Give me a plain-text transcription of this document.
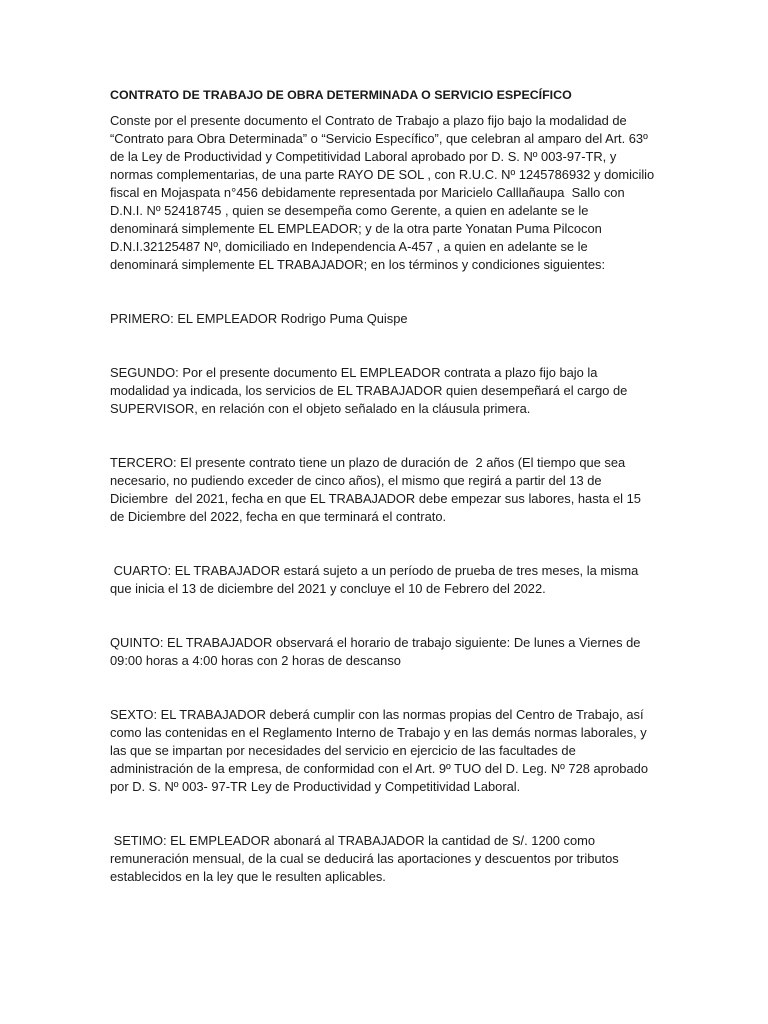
CONTRATO DE TRABAJO DE OBRA DETERMINADA O SERVICIO ESPECÍFICO

Conste por el presente documento el Contrato de Trabajo a plazo fijo bajo la modalidad de “Contrato para Obra Determinada” o “Servicio Específico”, que celebran al amparo del Art. 63º de la Ley de Productividad y Competitividad Laboral aprobado por D. S. Nº 003-97-TR, y normas complementarias, de una parte RAYO DE SOL , con R.U.C. Nº 1245786932 y domicilio fiscal en Mojaspata n°456 debidamente representada por Maricielo Calllañaupa  Sallo con D.N.I. Nº 52418745 , quien se desempeña como Gerente, a quien en adelante se le denominará simplemente EL EMPLEADOR; y de la otra parte Yonatan Puma Pilcocon D.N.I.32125487 Nº, domiciliado en Independencia A-457 , a quien en adelante se le denominará simplemente EL TRABAJADOR; en los términos y condiciones siguientes:

PRIMERO: EL EMPLEADOR Rodrigo Puma Quispe

SEGUNDO: Por el presente documento EL EMPLEADOR contrata a plazo fijo bajo la modalidad ya indicada, los servicios de EL TRABAJADOR quien desempeñará el cargo de SUPERVISOR, en relación con el objeto señalado en la cláusula primera.

TERCERO: El presente contrato tiene un plazo de duración de  2 años (El tiempo que sea necesario, no pudiendo exceder de cinco años), el mismo que regirá a partir del 13 de Diciembre  del 2021, fecha en que EL TRABAJADOR debe empezar sus labores, hasta el 15 de Diciembre del 2022, fecha en que terminará el contrato.

CUARTO: EL TRABAJADOR estará sujeto a un período de prueba de tres meses, la misma que inicia el 13 de diciembre del 2021 y concluye el 10 de Febrero del 2022.

QUINTO: EL TRABAJADOR observará el horario de trabajo siguiente: De lunes a Viernes de 09:00 horas a 4:00 horas con 2 horas de descanso

SEXTO: EL TRABAJADOR deberá cumplir con las normas propias del Centro de Trabajo, así como las contenidas en el Reglamento Interno de Trabajo y en las demás normas laborales, y las que se impartan por necesidades del servicio en ejercicio de las facultades de administración de la empresa, de conformidad con el Art. 9º TUO del D. Leg. Nº 728 aprobado por D. S. Nº 003- 97-TR Ley de Productividad y Competitividad Laboral.

SETIMO: EL EMPLEADOR abonará al TRABAJADOR la cantidad de S/. 1200 como remuneración mensual, de la cual se deducirá las aportaciones y descuentos por tributos establecidos en la ley que le resulten aplicables.
